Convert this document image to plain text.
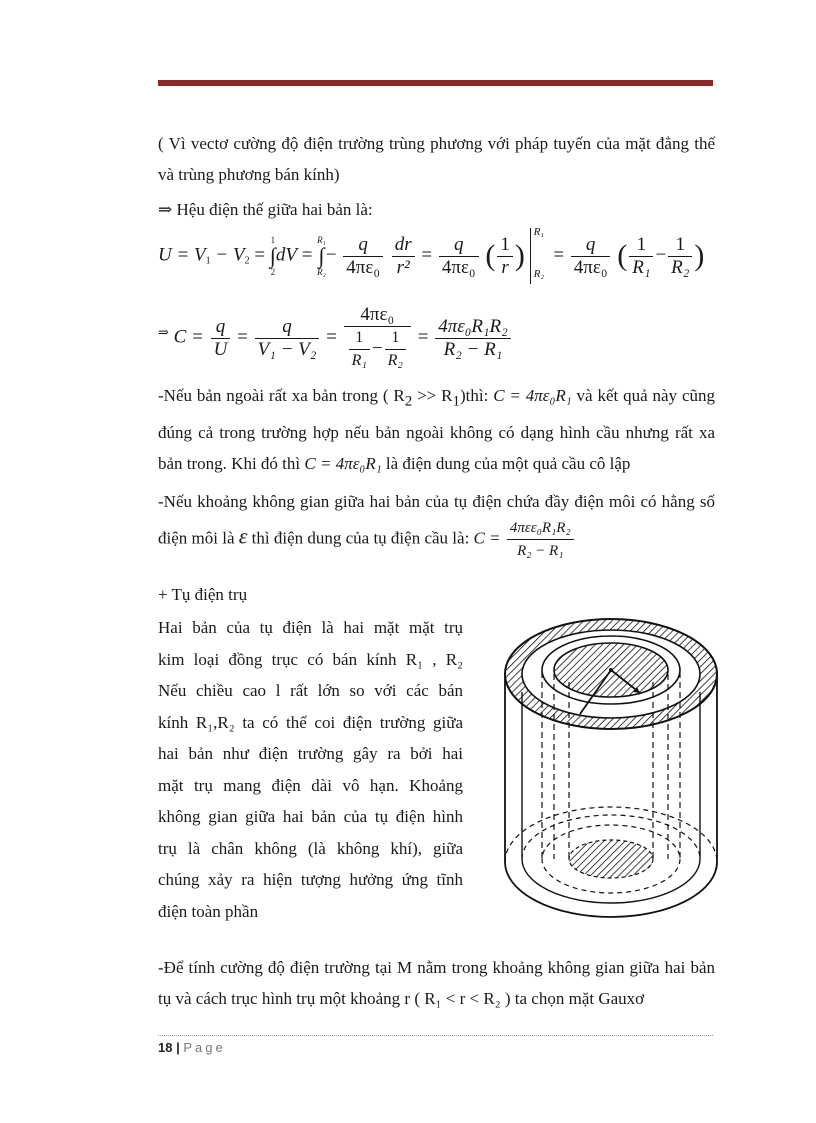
( Vì vectơ cường độ điện trường trùng phương với pháp tuyến của mặt đẳng thế và trùng phương bán kính)
⇒ Hệu điện thế giữa hai bản là:
$U = V_1 - V_2$ =
1
∫
2
dV =
R₁
∫
R₂
− $\frac{q}{\text{4πε₀}}$
$\frac{dr}{\text{r²}} = \frac{q}{\text{4πε₀}}$ ( $\frac{1}{r}$ )
R₁
R₂
= $\frac{q}{\text{4πε₀}}$ ( $\frac{1}{\text{R₁}} - \frac{1}{\text{R₂}}$ )
⇒ $C = \frac{q}{U} = \frac{q}{\text{V₁ − V₂}} = \frac{\text{4πε₀}}{\frac{1}{\text{R₁}} - \frac{1}{\text{R₂}}} = \frac{\text{4πε₀R₁R₂}}{\text{R₂ − R₁}}$
-Nếu bản ngoài rất xa bản trong ( $R_2$ >> $R_1)thì$: C = 4πε₀R₁ và kết quả này cũng đúng cả trong trường hợp nếu bản ngoài không có dạng hình cầu nhưng rất xa bản trong. Khi đó thì C = 4πε₀R₁ là điện dung của một quả cầu cô lập
-Nếu khoảng không gian giữa hai bản của tụ điện chứa đầy điện môi có hằng số điện môi là ε thì điện dung của tụ điện cầu là: $C = \frac{\text{4πεε₀R₁R₂}}{\text{R₂ − R₁}}$
+ Tụ điện trụ
Hai bản của tụ điện là hai mặt mặt trụ
kim loại đồng trục có bán kính R₁ , R₂
Nếu chiều cao l rất lớn so với các bán
kính R₁,R₂ ta có thể coi điện trường giữa
hai bản như điện trường gây ra bởi hai
mặt trụ mang điện dài vô hạn. Khoảng
không gian giữa hai bản của tụ điện hình
trụ là chân không (là không khí), giữa
chúng xảy ra hiện tượng hưởng ứng tĩnh
điện toàn phần
-Để tính cường độ điện trường tại M nằm trong khoảng không gian giữa hai bản tụ và cách trục hình trụ một khoảng r ( R₁ < r < R₂ ) ta chọn mặt Gauxơ
18 | Page
